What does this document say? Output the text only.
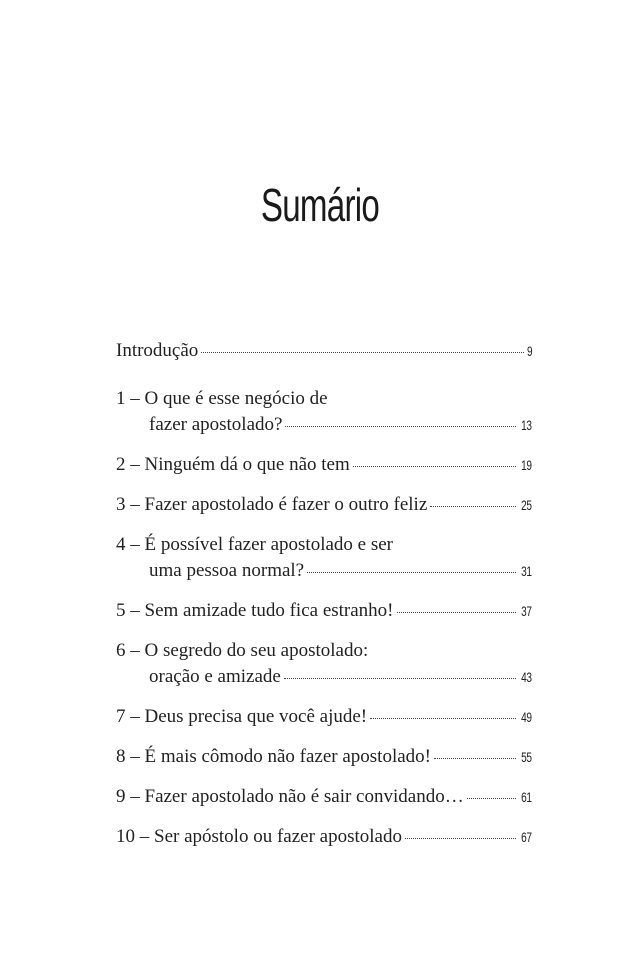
Sumário
Introdução	9
1 – O que é esse negócio de
fazer apostolado?	13
2 – Ninguém dá o que não tem	19
3 – Fazer apostolado é fazer o outro feliz	25
4 – É possível fazer apostolado e ser
uma pessoa normal?	31
5 – Sem amizade tudo fica estranho!	37
6 – O segredo do seu apostolado:
oração e amizade	43
7 – Deus precisa que você ajude!	49
8 – É mais cômodo não fazer apostolado!	55
9 – Fazer apostolado não é sair convidando…	61
10 – Ser apóstolo ou fazer apostolado	67
